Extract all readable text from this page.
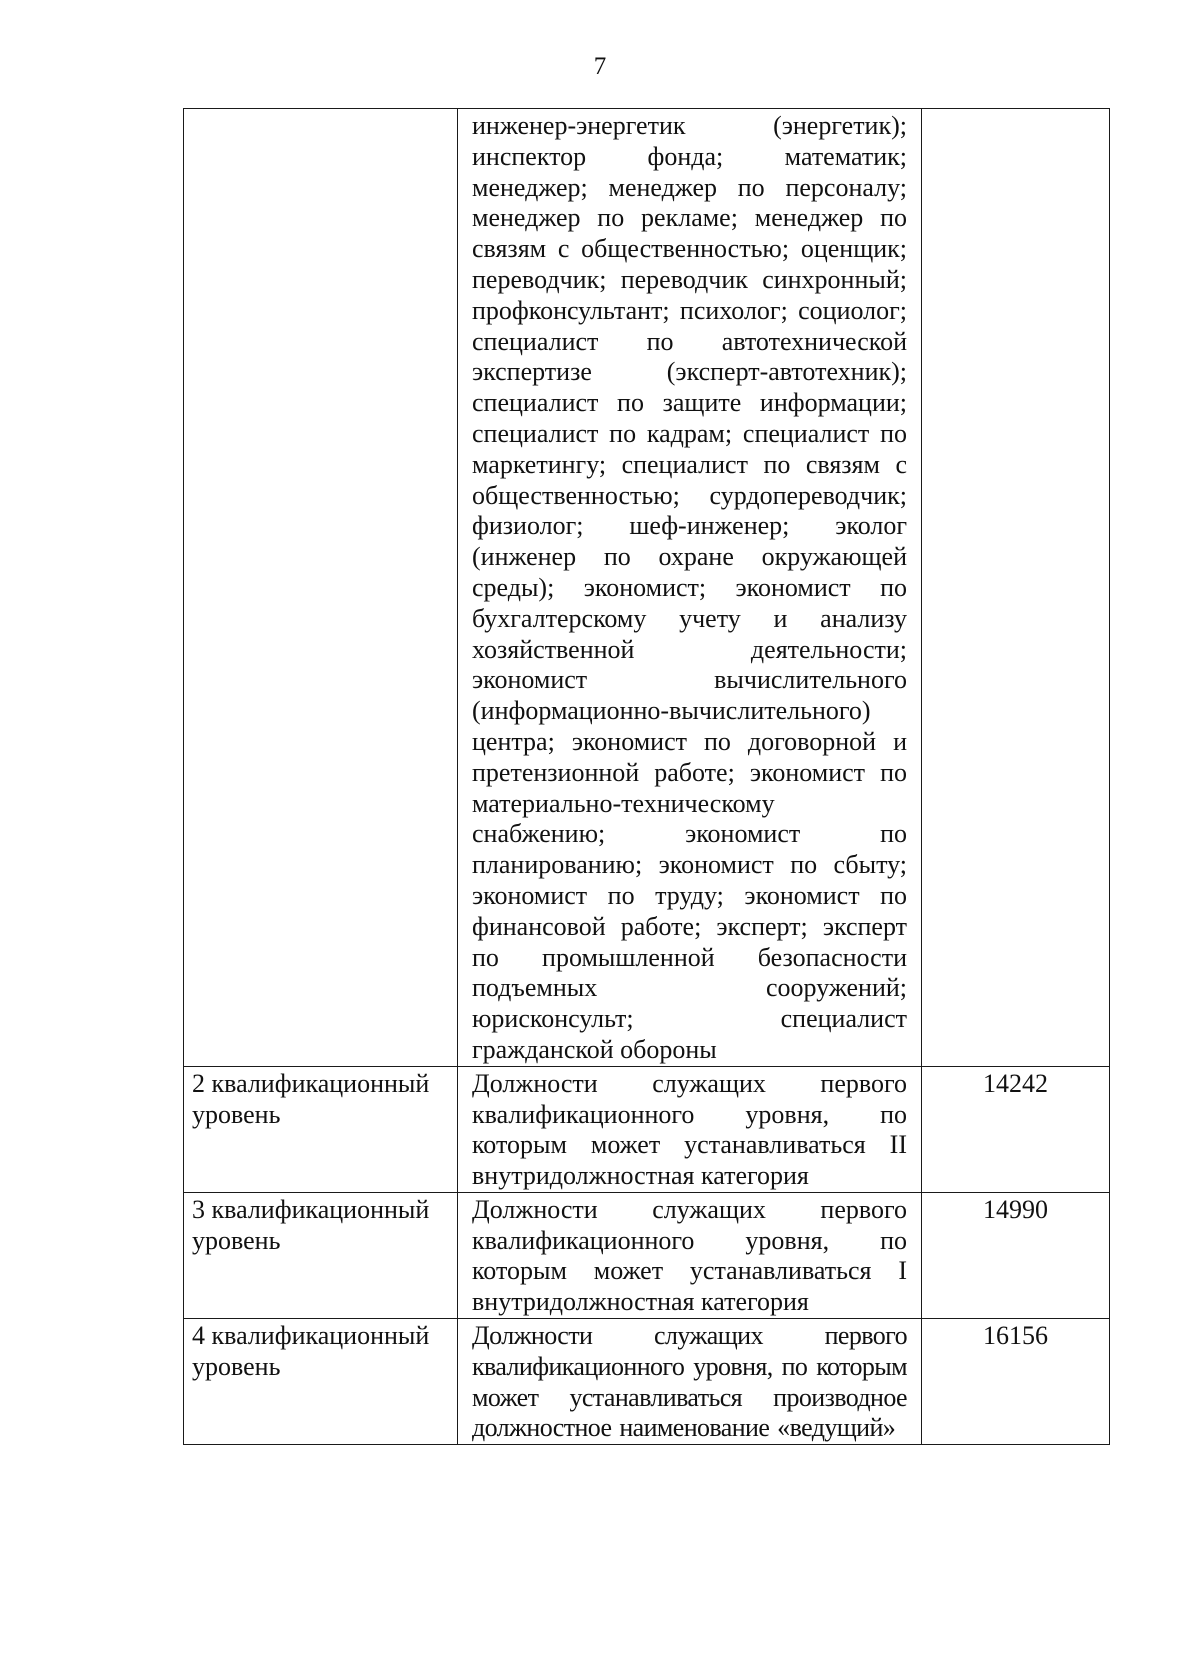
7
	инженер-энергетик (энергетик); инспектор фонда; математик; менеджер; менеджер по персоналу; менеджер по рекламе; менеджер по связям с общественностью; оценщик; переводчик; переводчик синхронный; профконсультант; психолог; социолог; специалист по автотехнической экспертизе (эксперт-автотехник); специалист по защите информации; специалист по кадрам; специалист по маркетингу; специалист по связям с общественностью; сурдопереводчик; физиолог; шеф-инженер; эколог (инженер по охране окружающей среды); экономист; экономист по бухгалтерскому учету и анализу хозяйственной деятельности; экономист вычислительного (информационно-вычислительного) центра; экономист по договорной и претензионной работе; экономист по материально-техническому снабжению; экономист по планированию; экономист по сбыту; экономист по труду; экономист по финансовой работе; эксперт; эксперт по промышленной безопасности подъемных сооружений; юрисконсульт; специалист гражданской обороны	
2 квалификационный уровень	Должности служащих первого квалификационного уровня, по которым может устанавливаться II внутридолжностная категория	14242
3 квалификационный уровень	Должности служащих первого квалификационного уровня, по которым может устанавливаться I внутридолжностная категория	14990
4 квалификационный уровень	Должности служащих первого квалификационного уровня, по которым может устанавливаться производное должностное наименование «ведущий»	16156
